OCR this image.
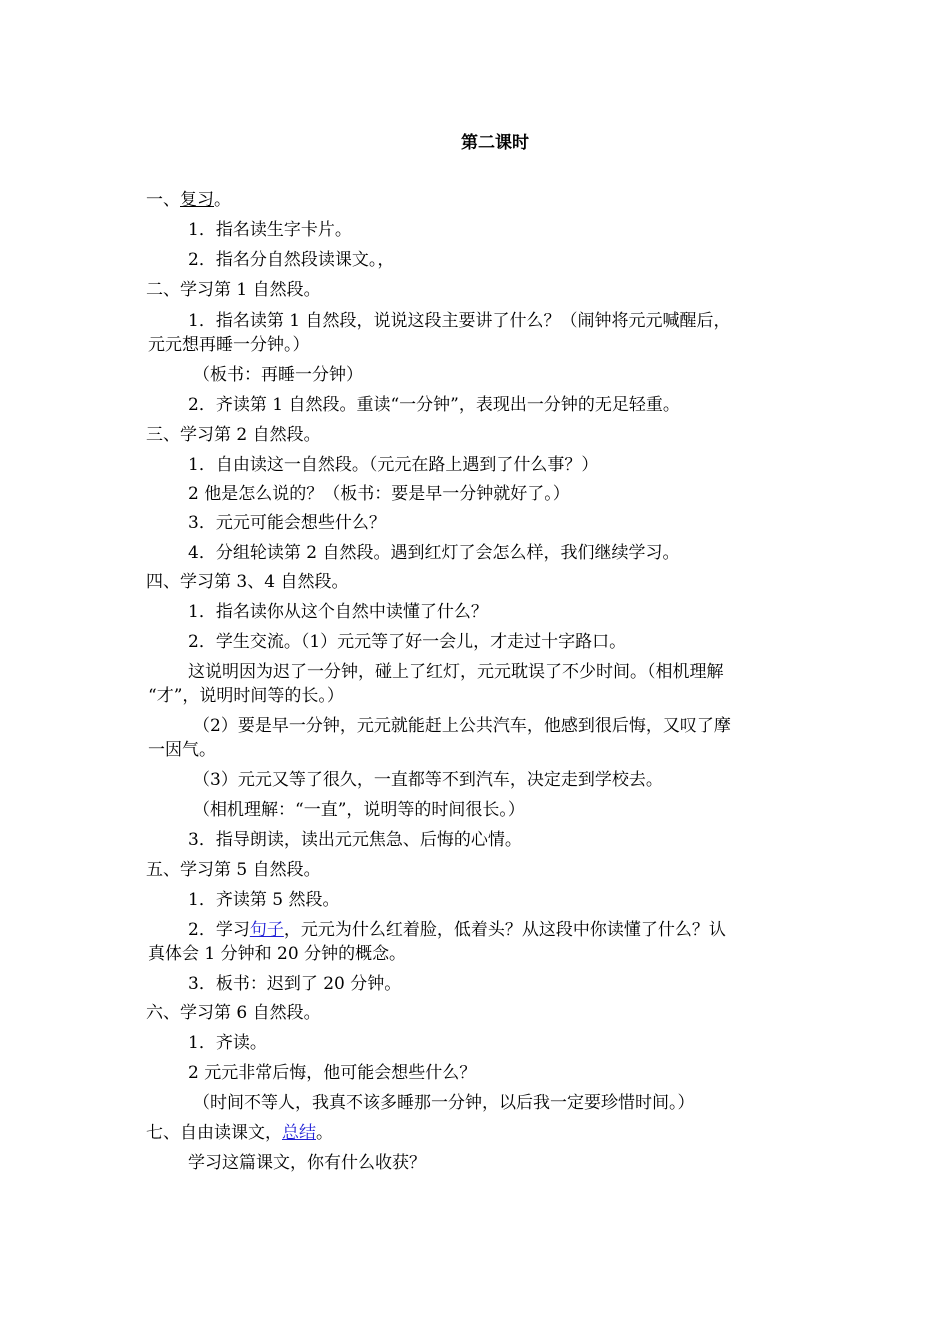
第二课时
一、复习。
1．指名读生字卡片。
2．指名分自然段读课文。，
二、学习第 1 自然段。
1．指名读第 1 自然段，说说这段主要讲了什么？（闹钟将元元喊醒后，
元元想再睡一分钟。）
（板书：再睡一分钟）
2．齐读第 1 自然段。重读“一分钟”，表现出一分钟的无足轻重。
三、学习第 2 自然段。
1．自由读这一自然段。（元元在路上遇到了什么事？）
2 他是怎么说的？（板书：要是早一分钟就好了。）
3．元元可能会想些什么？
4．分组轮读第 2 自然段。遇到红灯了会怎么样，我们继续学习。
四、学习第 3、4 自然段。
1．指名读你从这个自然中读懂了什么？
2．学生交流。（1）元元等了好一会儿，才走过十字路口。
这说明因为迟了一分钟，碰上了红灯，元元耽误了不少时间。（相机理解
“才”，说明时间等的长。）
（2）要是早一分钟，元元就能赶上公共汽车，他感到很后悔，又叹了摩
一因气。
（3）元元又等了很久，一直都等不到汽车，决定走到学校去。
（相机理解：“一直”，说明等的时间很长。）
3．指导朗读，读出元元焦急、后悔的心情。
五、学习第 5 自然段。
1．齐读第 5 然段。
2．学习句子，元元为什么红着脸，低着头？从这段中你读懂了什么？认
真体会 1 分钟和 20 分钟的概念。
3．板书：迟到了 20 分钟。
六、学习第 6 自然段。
1．齐读。
2 元元非常后悔，他可能会想些什么？
（时间不等人，我真不该多睡那一分钟，以后我一定要珍惜时间。）
七、自由读课文，总结。
学习这篇课文，你有什么收获？
